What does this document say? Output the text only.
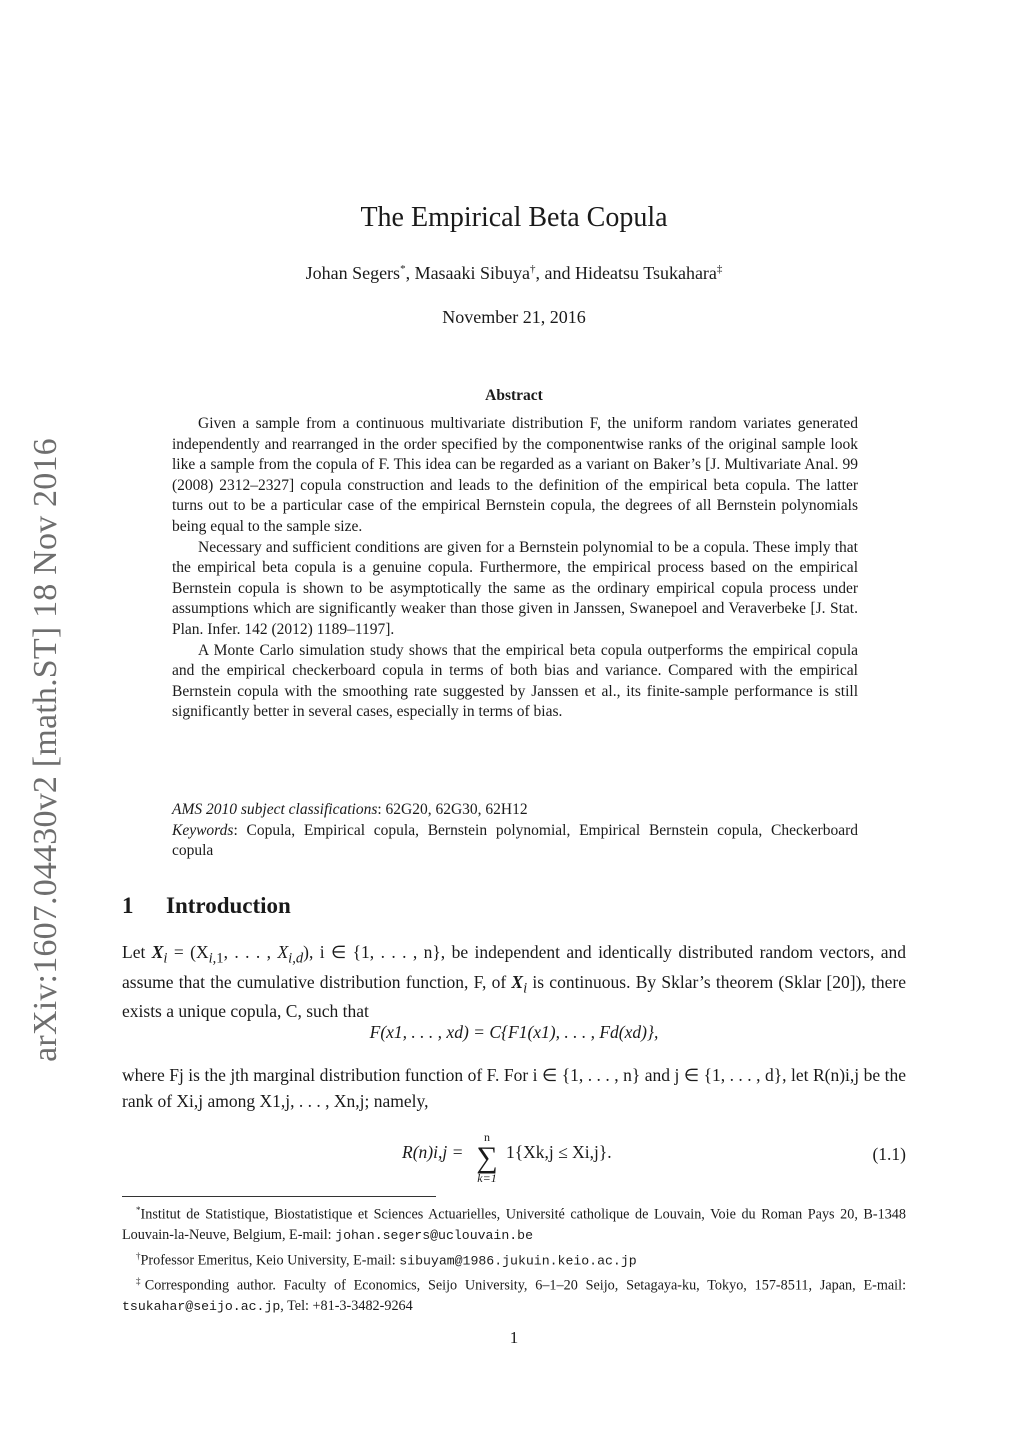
arXiv:1607.04430v2 [math.ST] 18 Nov 2016
The Empirical Beta Copula
Johan Segers*, Masaaki Sibuya†, and Hideatsu Tsukahara‡
November 21, 2016
Abstract

Given a sample from a continuous multivariate distribution F, the uniform random variates generated independently and rearranged in the order specified by the componentwise ranks of the original sample look like a sample from the copula of F. This idea can be regarded as a variant on Baker’s [J. Multivariate Anal. 99 (2008) 2312–2327] copula construction and leads to the definition of the empirical beta copula. The latter turns out to be a particular case of the empirical Bernstein copula, the degrees of all Bernstein polynomials being equal to the sample size.

Necessary and sufficient conditions are given for a Bernstein polynomial to be a copula. These imply that the empirical beta copula is a genuine copula. Furthermore, the empirical process based on the empirical Bernstein copula is shown to be asymptotically the same as the ordinary empirical copula process under assumptions which are significantly weaker than those given in Janssen, Swanepoel and Veraverbeke [J. Stat. Plan. Infer. 142 (2012) 1189–1197].

A Monte Carlo simulation study shows that the empirical beta copula outperforms the empirical copula and the empirical checkerboard copula in terms of both bias and variance. Compared with the empirical Bernstein copula with the smoothing rate suggested by Janssen et al., its finite-sample performance is still significantly better in several cases, especially in terms of bias.

AMS 2010 subject classifications: 62G20, 62G30, 62H12

Keywords: Copula, Empirical copula, Bernstein polynomial, Empirical Bernstein copula, Checkerboard copula

1 Introduction

Let $X_i = (X_{i,1}$, . . . , $X_{i,d}$), i ∈ {1, . . . , n}, be independent and identically distributed random vectors, and assume that the cumulative distribution function, F, of $X_i$ is continuous. By Sklar’s theorem (Sklar [20]), there exists a unique copula, C, such that

F(x1, . . . , xd) = C{F1(x1), . . . , Fd(xd)},
where Fj is the jth marginal distribution function of F. For i ∈ {1, . . . , n} and j ∈ {1, . . . , d}, let R(n)i,j be the rank of Xi,j among X1,j, . . . , Xn,j; namely,
R(n)i,j =
n
∑
k=1
1{Xk,j ≤ Xi,j}.	(1.1)

*Institut de Statistique, Biostatistique et Sciences Actuarielles, Université catholique de Louvain, Voie du Roman Pays 20, B-1348 Louvain-la-Neuve, Belgium, E-mail: johan.segers@uclouvain.be

†Professor Emeritus, Keio University, E-mail: sibuyam@1986.jukuin.keio.ac.jp

‡Corresponding author. Faculty of Economics, Seijo University, 6–1–20 Seijo, Setagaya-ku, Tokyo, 157-8511, Japan, E-mail: tsukahar@seijo.ac.jp, Tel: +81-3-3482-9264

1
